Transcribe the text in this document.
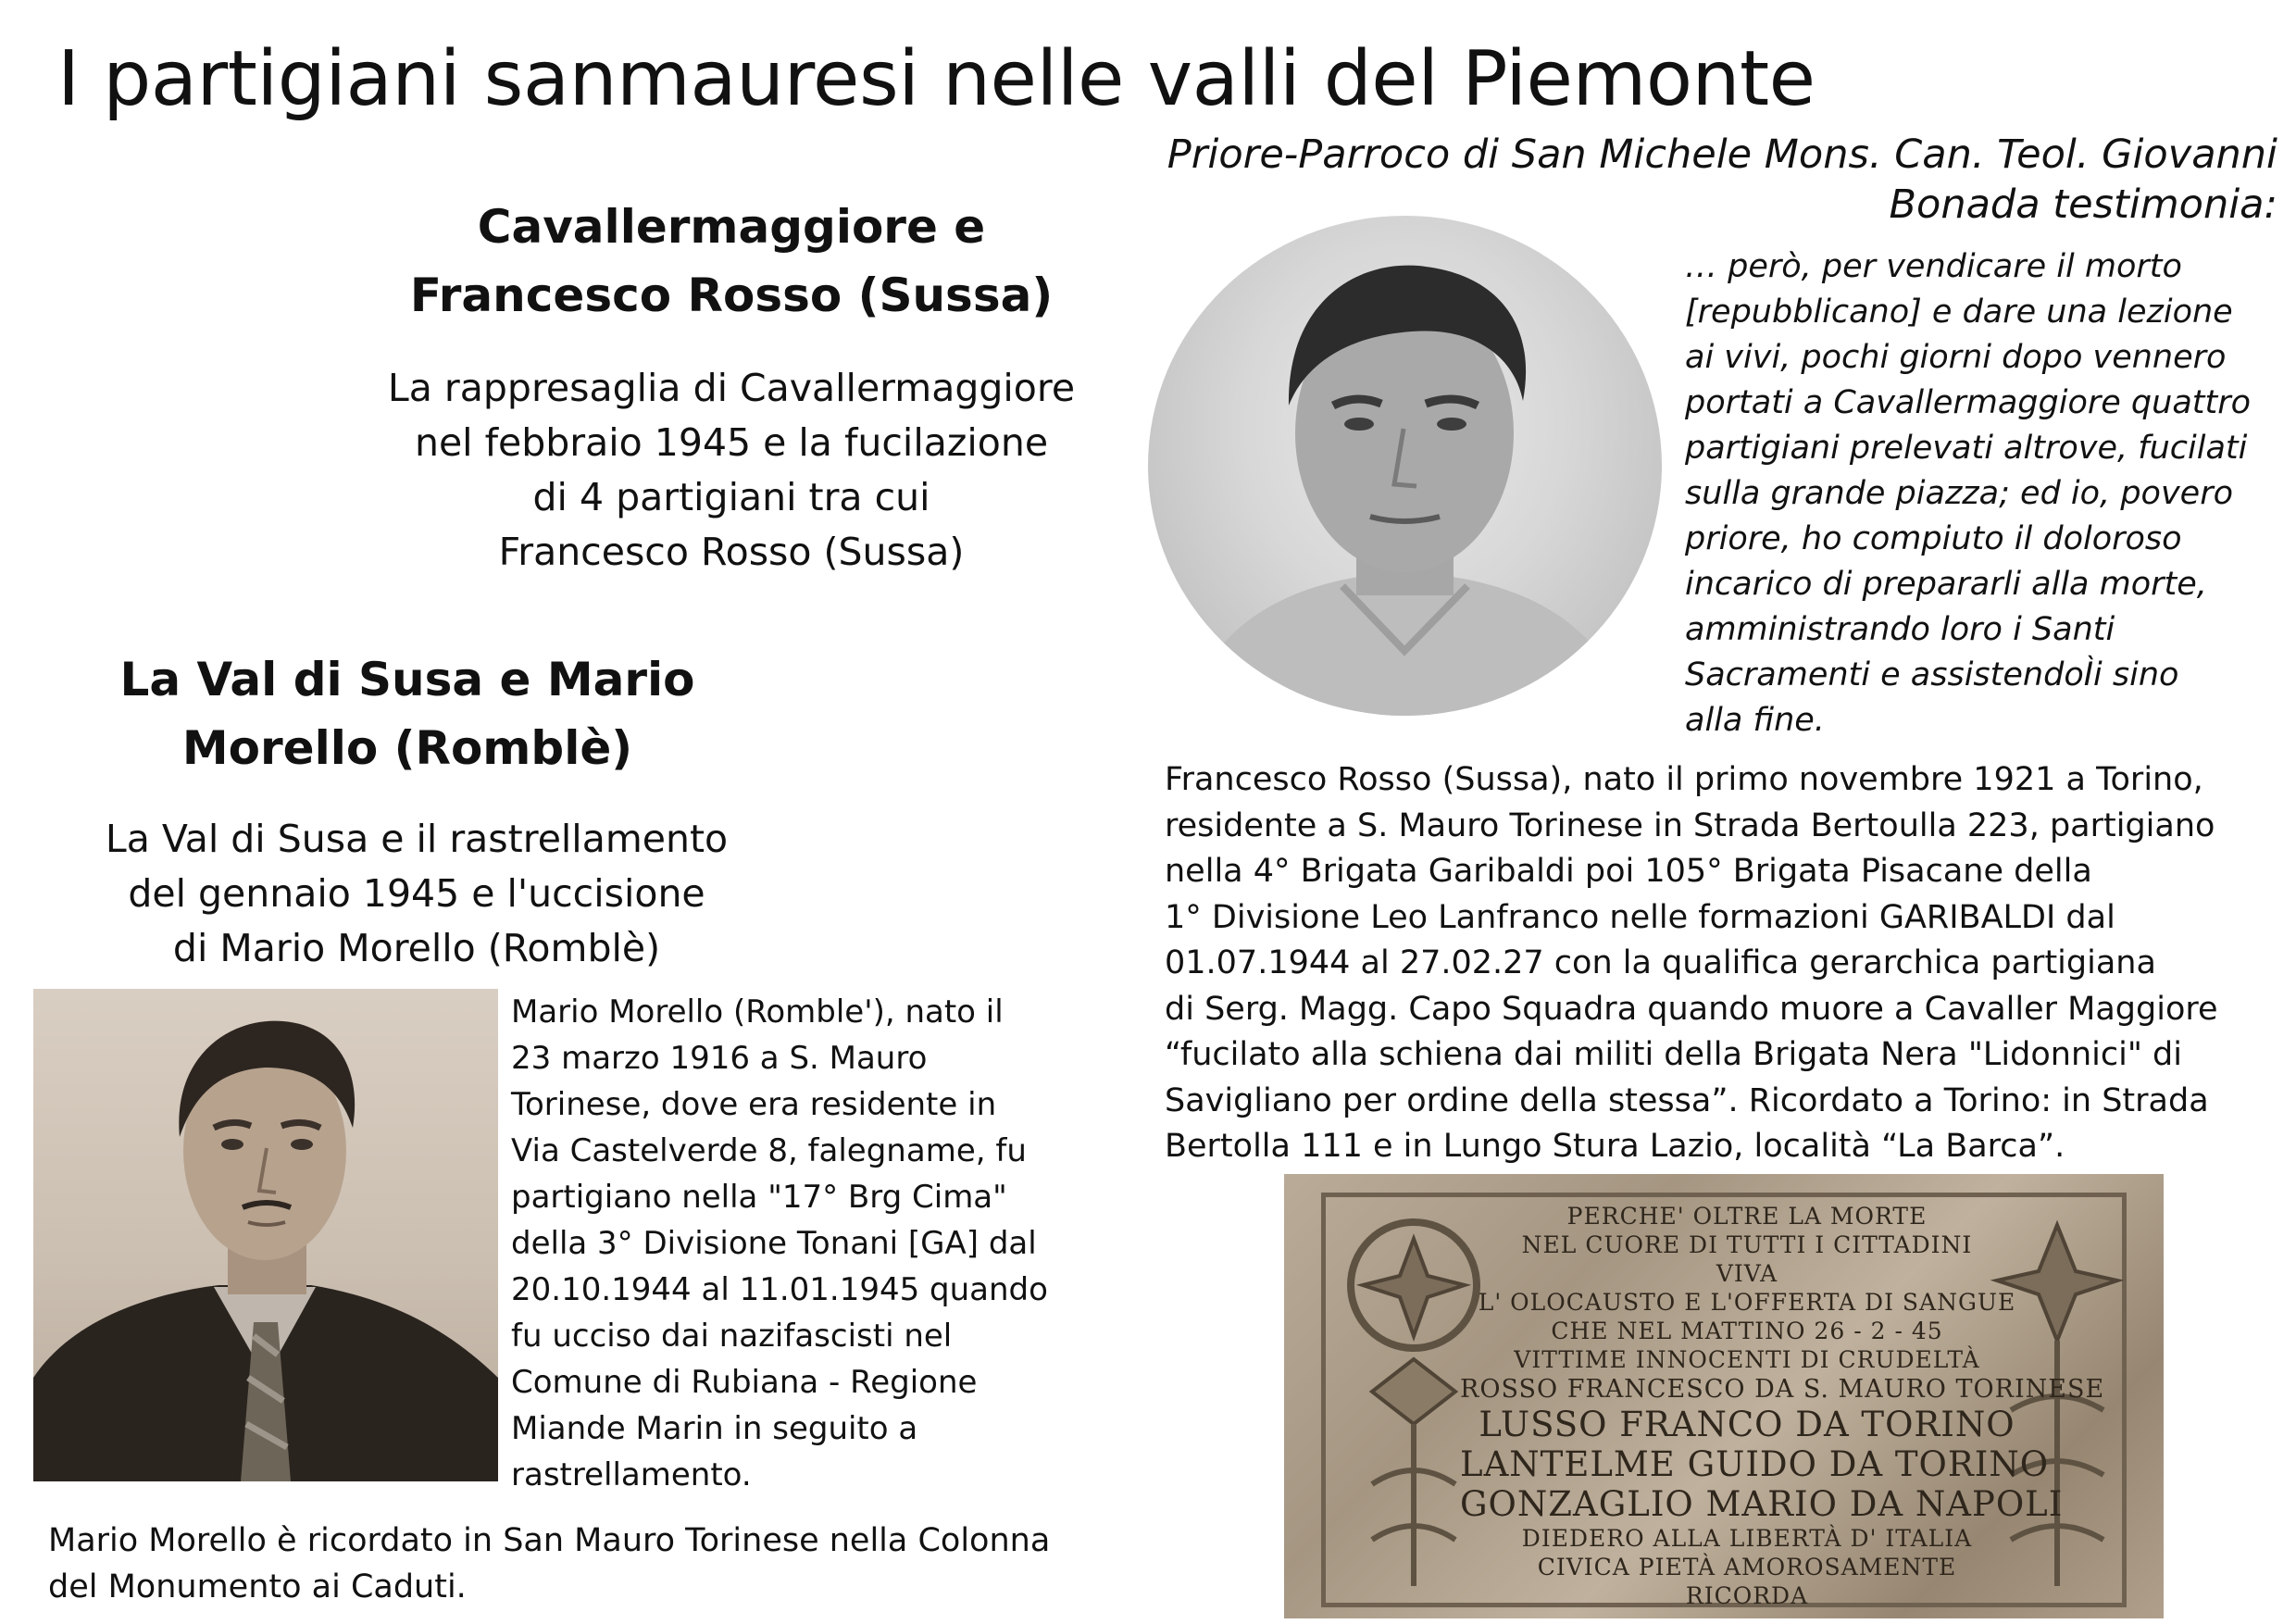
I partigiani sanmauresi nelle valli del Piemonte
Priore-Parroco di San Michele Mons. Can. Teol. Giovanni
Bonada testimonia:
Cavallermaggiore e
Francesco Rosso (Sussa)
La rappresaglia di Cavallermaggiore
nel febbraio 1945 e la fucilazione
di 4 partigiani tra cui
Francesco Rosso (Sussa)
… però, per vendicare il morto
[repubblicano] e dare una lezione
ai vivi, pochi giorni dopo vennero
portati a Cavallermaggiore quattro
partigiani prelevati altrove, fucilati
sulla grande piazza; ed io, povero
priore, ho compiuto il doloroso
incarico di prepararli alla morte,
amministrando loro i Santi
Sacramenti e assistendoÌi sino
alla fine.
Francesco Rosso (Sussa), nato il primo novembre 1921 a Torino,
residente a S. Mauro Torinese in Strada Bertoulla 223, partigiano
nella 4° Brigata Garibaldi poi 105° Brigata Pisacane della
1° Divisione Leo Lanfranco nelle formazioni GARIBALDI dal
01.07.1944 al 27.02.27 con la qualifica gerarchica partigiana
di Serg. Magg. Capo Squadra quando muore a Cavaller Maggiore
“fucilato alla schiena dai militi della Brigata Nera "Lidonnici" di
Savigliano per ordine della stessa”. Ricordato a Torino: in Strada
Bertolla 111 e in Lungo Stura Lazio, località “La Barca”.
La Val di Susa e Mario
Morello (Romblè)
La Val di Susa e il rastrellamento
del gennaio 1945 e l'uccisione
di Mario Morello (Romblè)
Mario Morello (Romble'), nato il
23 marzo 1916 a S. Mauro
Torinese, dove era residente in
Via Castelverde 8, falegname, fu
partigiano nella "17° Brg Cima"
della 3° Divisione Tonani [GA] dal
20.10.1944 al 11.01.1945 quando
fu ucciso dai nazifascisti nel
Comune di Rubiana - Regione
Miande Marin in seguito a
rastrellamento.
Mario Morello è ricordato in San Mauro Torinese nella Colonna
del Monumento ai Caduti.
PERCHE' OLTRE LA MORTE
NEL CUORE DI TUTTI I CITTADINI
VIVA
L' OLOCAUSTO E L'OFFERTA DI SANGUE
CHE NEL MATTINO 26 - 2 - 45
VITTIME INNOCENTI DI CRUDELTÀ
ROSSO FRANCESCO DA S. MAURO TORINESE
LUSSO FRANCO DA TORINO
LANTELME GUIDO DA TORINO
GONZAGLIO MARIO DA NAPOLI
DIEDERO ALLA LIBERTÀ D' ITALIA
CIVICA PIETÀ AMOROSAMENTE
RICORDA
